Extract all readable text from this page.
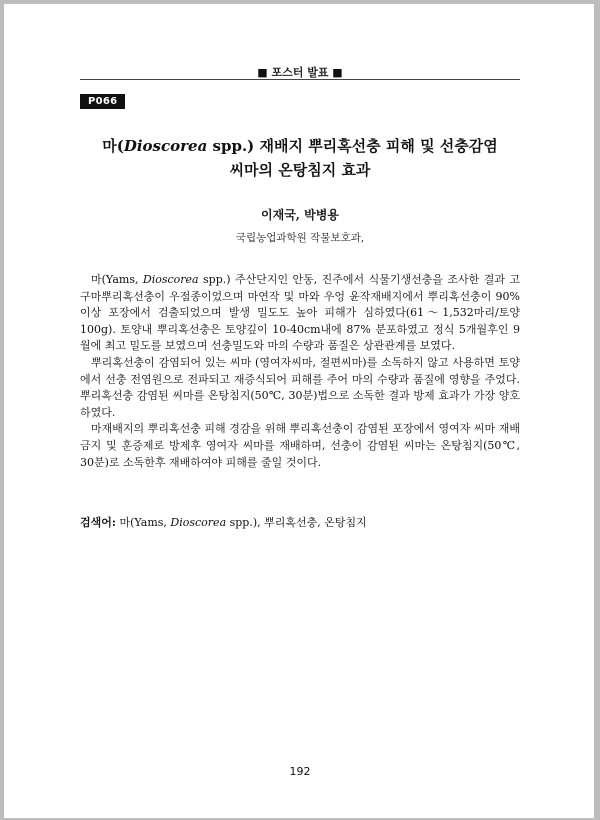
■ 포스터 발표 ■
P066
마(Dioscorea spp.) 재배지 뿌리혹선충 피해 및 선충감염
씨마의 온탕침지 효과
이재국, 박병용
국립농업과학원 작물보호과,

마(Yams, Dioscorea spp.) 주산단지인 안동, 진주에서 식물기생선충을 조사한 결과 고구마뿌리혹선충이 우점종이었으며 마연작 및 마와 우엉 윤작재배지에서 뿌리혹선충이 90%이상 포장에서 검출되었으며 발생 밀도도 높아 피해가 심하였다(61～1,532마리/토양 100g). 토양내 뿌리혹선충은 토양깊이 10-40cm내에 87% 분포하였고 정식 5개월후인 9월에 최고 밀도를 보였으며 선충밀도와 마의 수량과 품질은 상관관계를 보였다.

뿌리혹선충이 감염되어 있는 씨마 (영여자씨마, 절편씨마)를 소독하지 않고 사용하면 토양에서 선충 전염원으로 전파되고 재증식되어 피해를 주어 마의 수량과 품질에 영향을 주었다. 뿌리혹선충 감염된 씨마를 온탕침지(50℃, 30분)법으로 소독한 결과 방제 효과가 가장 양호하였다.

마재배지의 뿌리혹선충 피해 경감을 위해 뿌리혹선충이 감염된 포장에서 영여자 씨마 재배 금지 및 훈증제로 방제후 영여자 씨마를 재배하며, 선충이 감염된 씨마는 온탕침지(50℃, 30분)로 소독한후 재배하여야 피해를 줄일 것이다.

검색어: 마(Yams, Dioscorea spp.), 뿌리혹선충, 온탕침지
192
